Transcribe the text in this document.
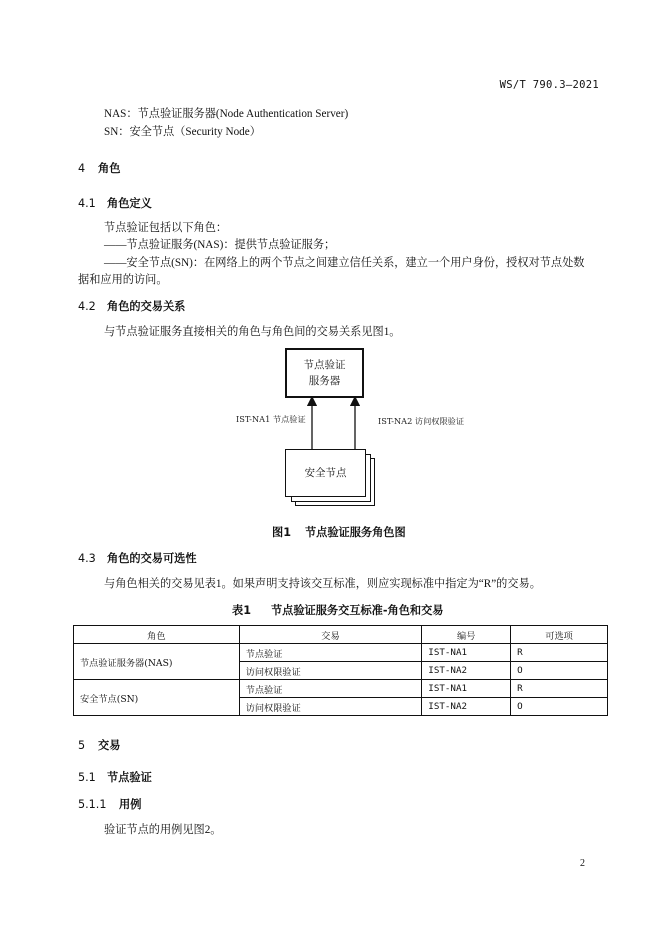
WS/T 790.3—2021
NAS：节点验证服务器(Node Authentication Server)
SN：安全节点（Security Node）
4 角色
4.1 角色定义
节点验证包括以下角色：
——节点验证服务(NAS)：提供节点验证服务；
——安全节点(SN)：在网络上的两个节点之间建立信任关系，建立一个用户身份，授权对节点处数
据和应用的访问。
4.2 角色的交易关系
与节点验证服务直接相关的角色与角色间的交易关系见图1。
节点验证
服务器
IST-NA1 节点验证	IST-NA2 访问权限验证
安全节点
图1 节点验证服务角色图
4.3 角色的交易可选性
与角色相关的交易见表1。如果声明支持该交互标准，则应实现标准中指定为“R”的交易。
表1 节点验证服务交互标准-角色和交易
角色	交易	编号	可选项
节点验证服务器(NAS)	节点验证	IST-NA1	R
	访问权限验证	IST-NA2	O
安全节点(SN)	节点验证	IST-NA1	R
	访问权限验证	IST-NA2	O
5 交易
5.1 节点验证
5.1.1 用例
验证节点的用例见图2。
2
